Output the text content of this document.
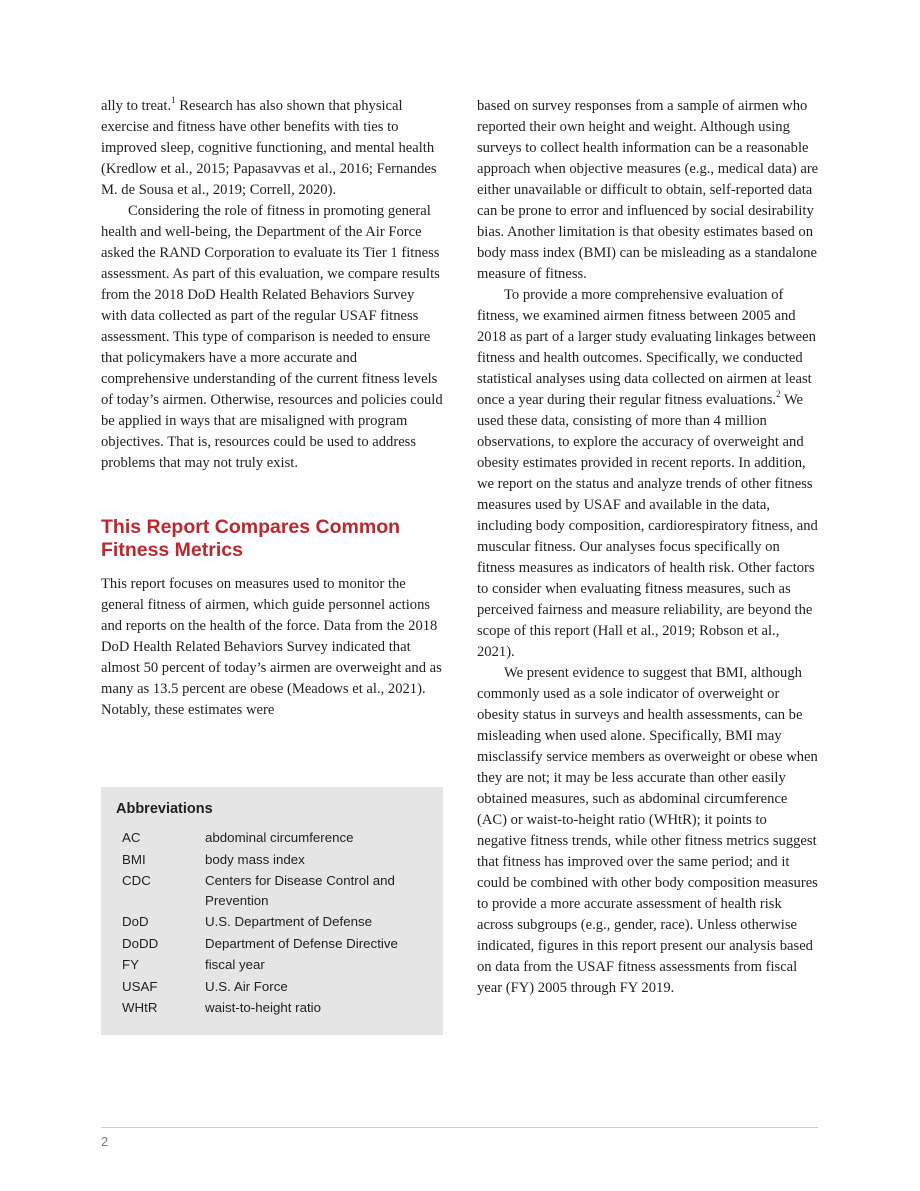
ally to treat.$^1$ Research has also shown that physical exercise and fitness have other benefits with ties to improved sleep, cognitive functioning, and mental health (Kredlow et al., 2015; Papasavvas et al., 2016; Fernandes M. de Sousa et al., 2019; Correll, 2020).

Considering the role of fitness in promoting general health and well-being, the Department of the Air Force asked the RAND Corporation to evaluate its Tier 1 fitness assessment. As part of this evaluation, we compare results from the 2018 DoD Health Related Behaviors Survey with data collected as part of the regular USAF fitness assessment. This type of comparison is needed to ensure that policymakers have a more accurate and comprehensive understanding of the current fitness levels of today’s airmen. Otherwise, resources and policies could be applied in ways that are misaligned with program objectives. That is, resources could be used to address problems that may not truly exist.

This Report Compares Common Fitness Metrics

This report focuses on measures used to monitor the general fitness of airmen, which guide personnel actions and reports on the health of the force. Data from the 2018 DoD Health Related Behaviors Survey indicated that almost 50 percent of today’s airmen are overweight and as many as 13.5 percent are obese (Meadows et al., 2021). Notably, these estimates were

Abbreviations
AC	abdominal circumference
BMI	body mass index
CDC	Centers for Disease Control and Prevention
DoD	U.S. Department of Defense
DoDD	Department of Defense Directive
FY	fiscal year
USAF	U.S. Air Force
WHtR	waist-to-height ratio

based on survey responses from a sample of airmen who reported their own height and weight. Although using surveys to collect health information can be a reasonable approach when objective measures (e.g., medical data) are either unavailable or difficult to obtain, self-reported data can be prone to error and influenced by social desirability bias. Another limitation is that obesity estimates based on body mass index (BMI) can be misleading as a standalone measure of fitness.

To provide a more comprehensive evaluation of fitness, we examined airmen fitness between 2005 and 2018 as part of a larger study evaluating linkages between fitness and health outcomes. Specifically, we conducted statistical analyses using data collected on airmen at least once a year during their regular fitness evaluations.$^2$ We used these data, consisting of more than 4 million observations, to explore the accuracy of overweight and obesity estimates provided in recent reports. In addition, we report on the status and analyze trends of other fitness measures used by USAF and available in the data, including body composition, cardiorespiratory fitness, and muscular fitness. Our analyses focus specifically on fitness measures as indicators of health risk. Other factors to consider when evaluating fitness measures, such as perceived fairness and measure reliability, are beyond the scope of this report (Hall et al., 2019; Robson et al., 2021).

We present evidence to suggest that BMI, although commonly used as a sole indicator of overweight or obesity status in surveys and health assessments, can be misleading when used alone. Specifically, BMI may misclassify service members as overweight or obese when they are not; it may be less accurate than other easily obtained measures, such as abdominal circumference (AC) or waist-to-height ratio (WHtR); it points to negative fitness trends, while other fitness metrics suggest that fitness has improved over the same period; and it could be combined with other body composition measures to provide a more accurate assessment of health risk across subgroups (e.g., gender, race). Unless otherwise indicated, figures in this report present our analysis based on data from the USAF fitness assessments from fiscal year (FY) 2005 through FY 2019.

2
